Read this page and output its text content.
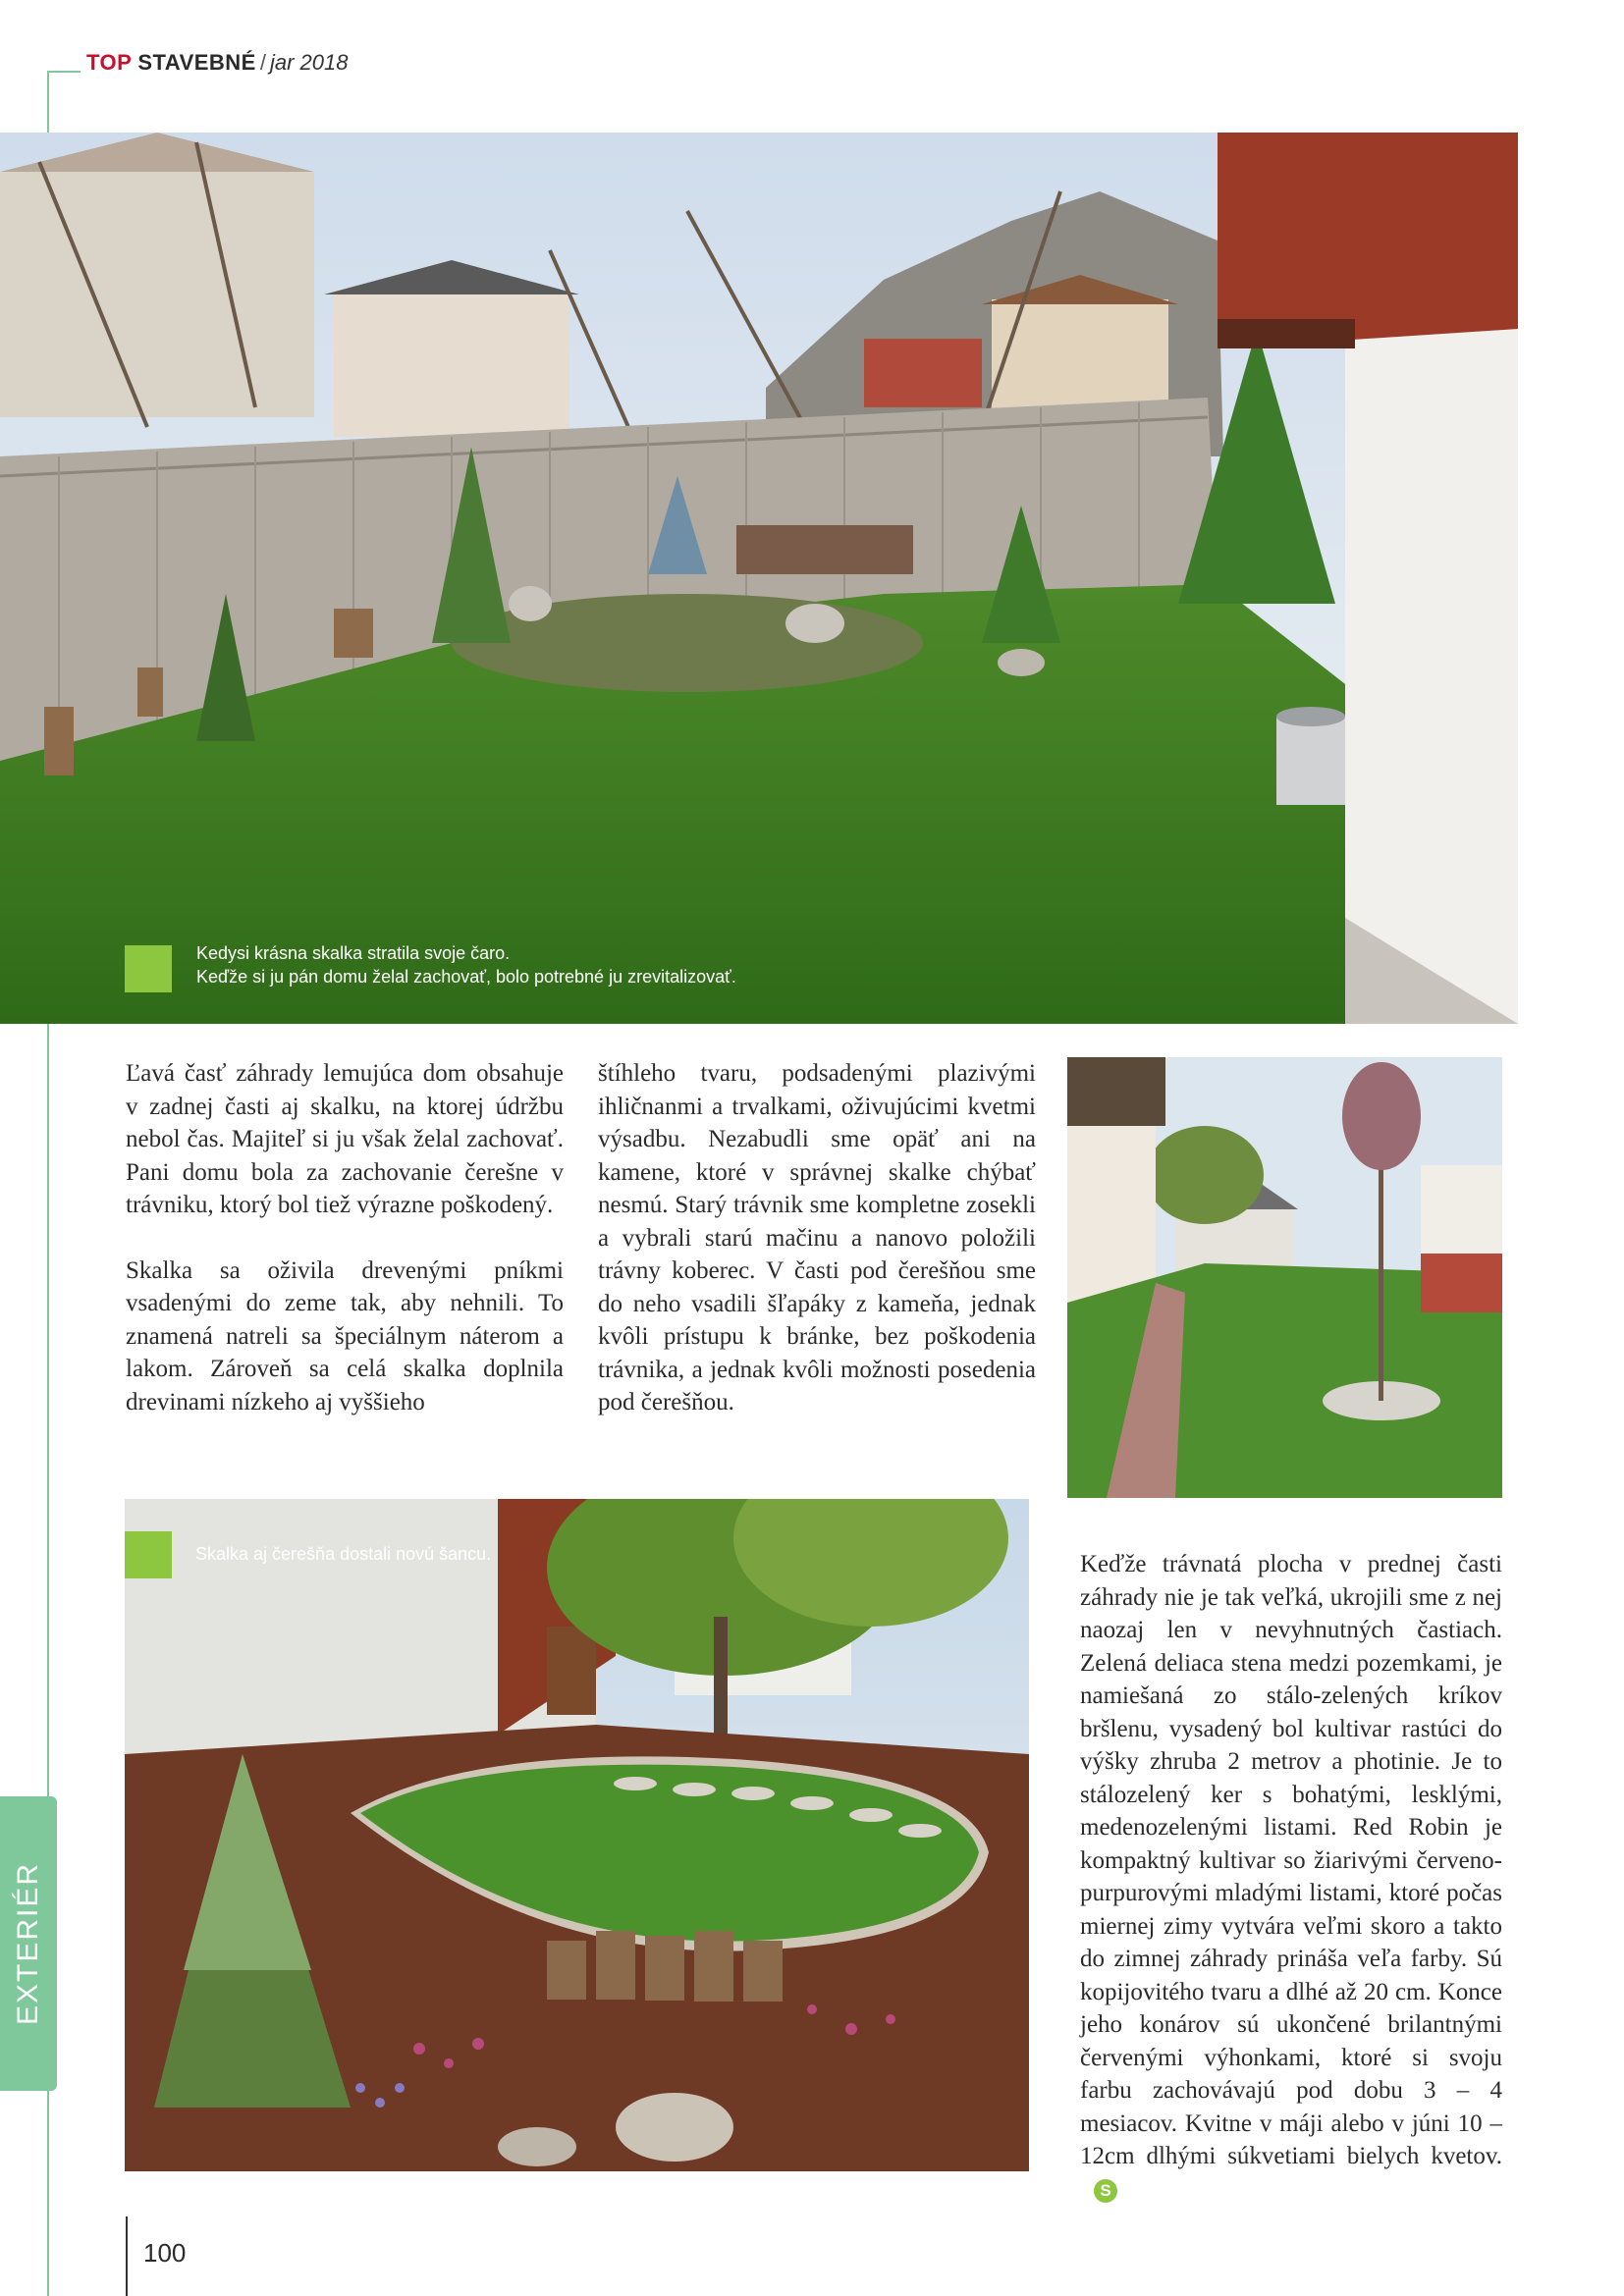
TOP STAVEBNÉ / jar 2018
EXTERIÉR
Kedysi krásna skalka stratila svoje čaro.
Keďže si ju pán domu želal zachovať, bolo potrebné ju zrevitalizovať.

Ľavá časť záhrady lemujúca dom obsahuje v zadnej časti aj skalku, na ktorej údržbu nebol čas. Majiteľ si ju však želal zachovať. Pani domu bola za zachovanie čerešne v trávniku, ktorý bol tiež výrazne poškodený.

Skalka sa oživila drevenými pníkmi vsadenými do zeme tak, aby nehnili. To znamená natreli sa špeciálnym náterom a lakom. Zároveň sa celá skalka doplnila drevinami nízkeho aj vyššieho

štíhleho tvaru, podsadenými plazivými ihličnanmi a trvalkami, oživujúcimi kvetmi výsadbu. Nezabudli sme opäť ani na kamene, ktoré v správnej skalke chýbať nesmú. Starý trávnik sme kompletne zosekli a vybrali starú mačinu a nanovo položili trávny koberec. V časti pod čerešňou sme do neho vsadili šľapáky z kameňa, jednak kvôli prístupu k bránke, bez poškodenia trávnika, a jednak kvôli možnosti posedenia pod čerešňou.

Skalka aj čerešňa dostali novú šancu.	Keďže trávnatá plocha v prednej časti záhrady nie je tak veľká, ukrojili sme z nej naozaj len v nevyhnutných častiach. Zelená deliaca stena medzi pozemkami, je namiešaná zo stálo-zelených kríkov bršlenu, vysadený bol kultivar rastúci do výšky zhruba 2 metrov a photinie. Je to stálozelený ker s bohatými, lesklými, medenozelenými listami. Red Robin je kompaktný kultivar so žiarivými červeno-purpurovými mladými listami, ktoré počas miernej zimy vytvára veľmi skoro a takto do zimnej záhrady prináša veľa farby. Sú kopijovitého tvaru a dlhé až 20 cm. Konce jeho konárov sú ukončené brilantnými červenými výhonkami, ktoré si svoju farbu zachovávajú pod dobu 3 – 4 mesiacov. Kvitne v máji alebo v júni 10 – 12cm dlhými súkvetiami bielych kvetov.S

100
